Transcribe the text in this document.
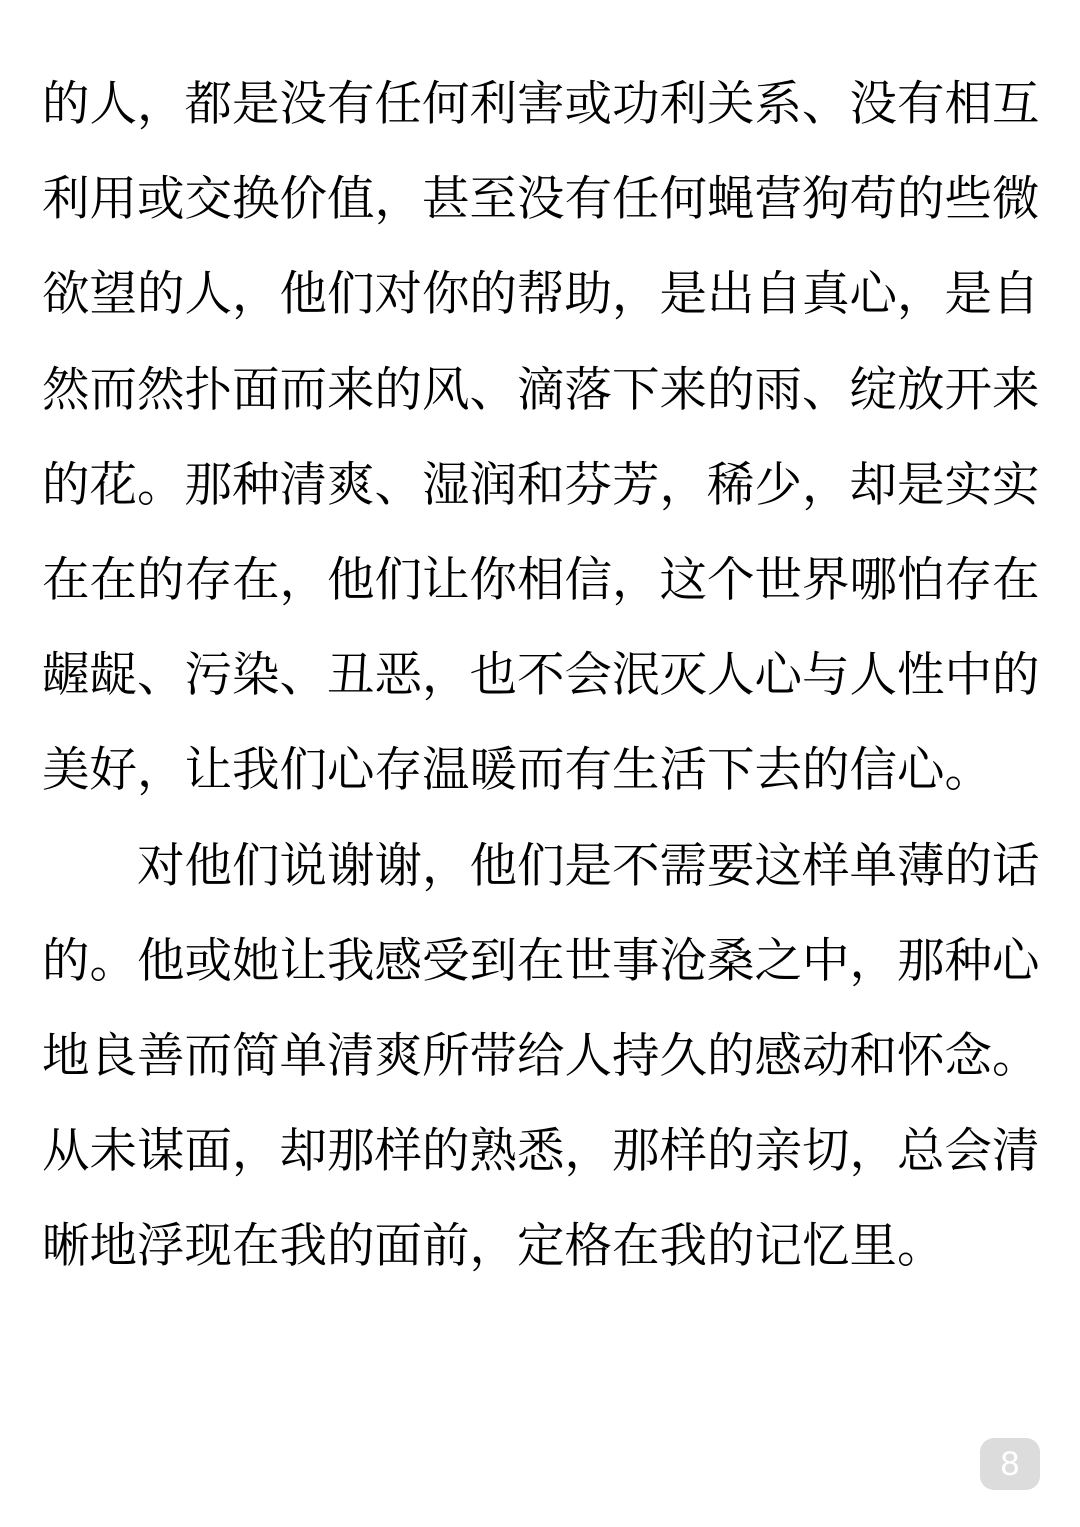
的人，都是没有任何利害或功利关系、没有相互
利用或交换价值，甚至没有任何蝇营狗苟的些微
欲望的人，他们对你的帮助，是出自真心，是自
然而然扑面而来的风、滴落下来的雨、绽放开来
的花。那种清爽、湿润和芬芳，稀少，却是实实
在在的存在，他们让你相信，这个世界哪怕存在
龌龊、污染、丑恶，也不会泯灭人心与人性中的
美好，让我们心存温暖而有生活下去的信心。
　　对他们说谢谢，他们是不需要这样单薄的话
的。他或她让我感受到在世事沧桑之中，那种心
地良善而简单清爽所带给人持久的感动和怀念。
从未谋面，却那样的熟悉，那样的亲切，总会清
晰地浮现在我的面前，定格在我的记忆里。
8
